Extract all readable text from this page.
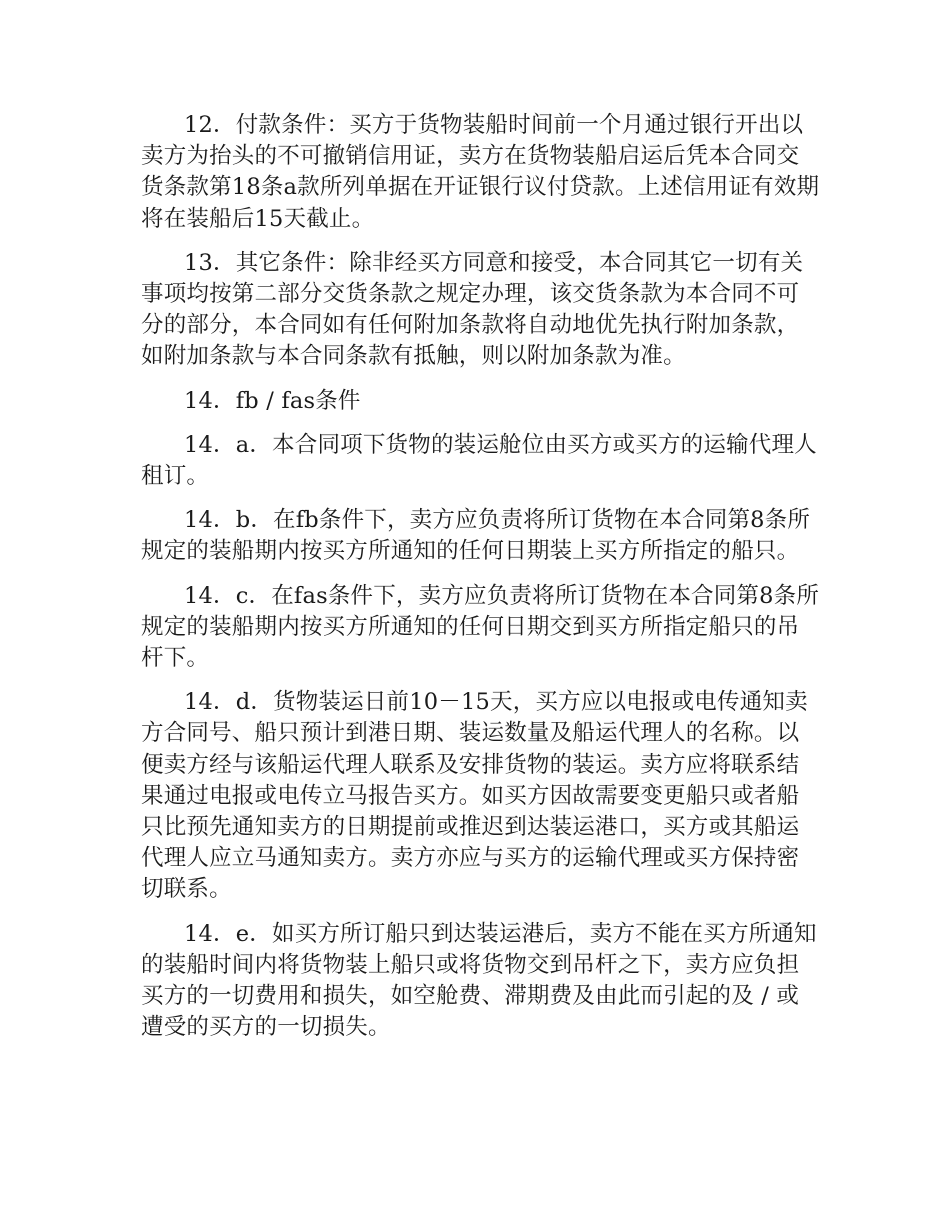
12．付款条件：买方于货物装船时间前一个月通过银行开出以卖方为抬头的不可撤销信用证，卖方在货物装船启运后凭本合同交货条款第18条a款所列单据在开证银行议付贷款。上述信用证有效期将在装船后15天截止。

13．其它条件：除非经买方同意和接受，本合同其它一切有关事项均按第二部分交货条款之规定办理，该交货条款为本合同不可分的部分，本合同如有任何附加条款将自动地优先执行附加条款，如附加条款与本合同条款有抵触，则以附加条款为准。

14．fb / fas条件

14．a．本合同项下货物的装运舱位由买方或买方的运输代理人租订。

14．b．在fb条件下，卖方应负责将所订货物在本合同第8条所规定的装船期内按买方所通知的任何日期装上买方所指定的船只。

14．c．在fas条件下，卖方应负责将所订货物在本合同第8条所规定的装船期内按买方所通知的任何日期交到买方所指定船只的吊杆下。

14．d．货物装运日前10－15天，买方应以电报或电传通知卖方合同号、船只预计到港日期、装运数量及船运代理人的名称。以便卖方经与该船运代理人联系及安排货物的装运。卖方应将联系结果通过电报或电传立马报告买方。如买方因故需要变更船只或者船只比预先通知卖方的日期提前或推迟到达装运港口，买方或其船运代理人应立马通知卖方。卖方亦应与买方的运输代理或买方保持密切联系。

14．e．如买方所订船只到达装运港后，卖方不能在买方所通知的装船时间内将货物装上船只或将货物交到吊杆之下，卖方应负担买方的一切费用和损失，如空舱费、滞期费及由此而引起的及 / 或遭受的买方的一切损失。
